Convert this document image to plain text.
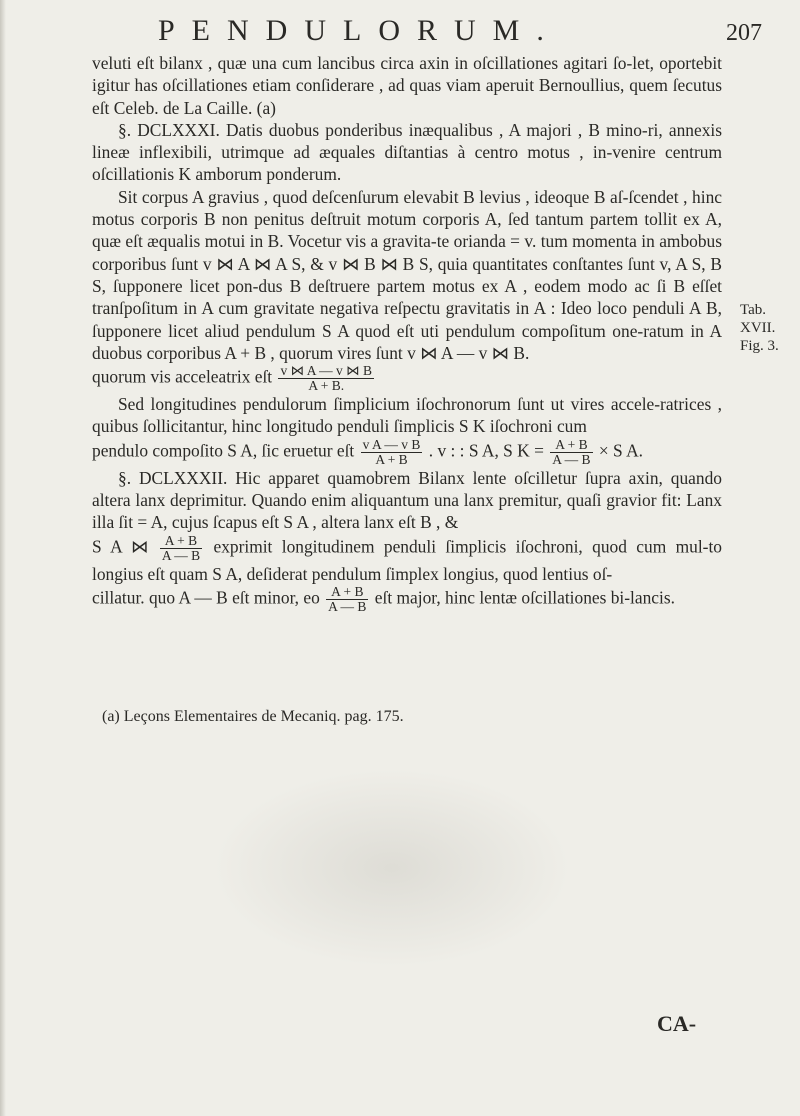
PENDULORUM.	207

veluti eſt bilanx , quæ una cum lancibus circa axin in oſcillationes agitari ſo-let, oportebit igitur has oſcillationes etiam conſiderare , ad quas viam aperuit Bernoullius, quem ſecutus eſt Celeb. de La Caille. (a)

§. DCLXXXI. Datis duobus ponderibus inæqualibus , A majori , B mino-ri, annexis lineæ inflexibili, utrimque ad æquales diſtantias à centro motus , in-venire centrum oſcillationis K amborum ponderum.

Sit corpus A gravius , quod deſcenſurum elevabit B levius , ideoque B aſ-ſcendet , hinc motus corporis B non penitus deſtruit motum corporis A, ſed tantum partem tollit ex A, quæ eſt æqualis motui in B. Vocetur vis a gravita-te orianda = v. tum momenta in ambobus corporibus ſunt v ⋈ A ⋈ A S, & v ⋈ B ⋈ B S, quia quantitates conſtantes ſunt v, A S, B S, ſupponere licet pon-dus B deſtruere partem motus ex A , eodem modo ac ſi B eſſet tranſpoſitum in A cum gravitate negativa reſpectu gravitatis in A : Ideo loco penduli A B, ſupponere licet aliud pendulum S A quod eſt uti pendulum compoſitum one-ratum in A duobus corporibus A + B , quorum vires ſunt v ⋈ A — v ⋈ B.

quorum vis acceleatrix eſt $\frac{v ⋈ A — v ⋈ B}{A + B.}$

Sed longitudines pendulorum ſimplicium iſochronorum ſunt ut vires accele-ratrices , quibus ſollicitantur, hinc longitudo penduli ſimplicis S K iſochroni cum

pendulo compoſito S A, ſic eruetur eſt $\frac{\text{v A — v B}}{A + B}$ . v : : S A, S $K = \frac{A + B}{A — B} \times S$ A.

§. DCLXXXII. Hic apparet quamobrem Bilanx lente oſcilletur ſupra axin, quando altera lanx deprimitur. Quando enim aliquantum una lanx premitur, quaſi gravior fit: Lanx illa ſit = A, cujus ſcapus eſt S A , altera lanx eſt B , &

S A ⋈ $\frac{A + B}{A — B}$ exprimit longitudinem penduli ſimplicis iſochroni, quod cum mul-to longius eſt quam S A, deſiderat pendulum ſimplex longius, quod lentius oſ-

cillatur. quo A — B eſt minor, eo $\frac{A + B}{A — B}$ eſt major, hinc lentæ oſcillationes bi-lancis.

Tab. XVII. Fig. 3.
(a) Leçons Elementaires de Mecaniq. pag. 175.
CA-
